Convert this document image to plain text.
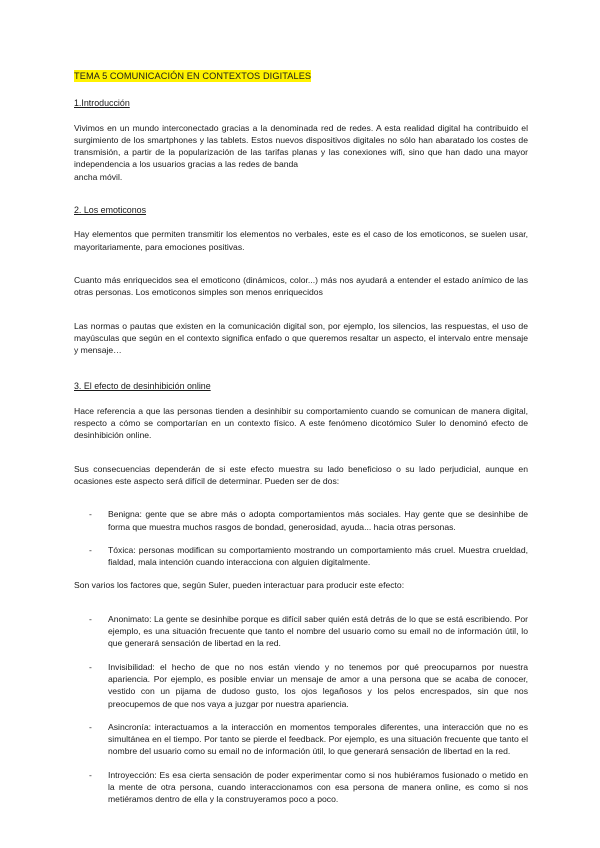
TEMA 5 COMUNICACIÓN EN CONTEXTOS DIGITALES
1.Introducción

Vivimos en un mundo interconectado gracias a la denominada red de redes. A esta realidad digital ha contribuido el surgimiento de los smartphones y las tablets. Estos nuevos dispositivos digitales no sólo han abaratado los costes de transmisión, a partir de la popularización de las tarifas planas y las conexiones wifi, sino que han dado una mayor independencia a los usuarios gracias a las redes de banda
ancha móvil.

2. Los emoticonos

Hay elementos que permiten transmitir los elementos no verbales, este es el caso de los emoticonos, se suelen usar, mayoritariamente, para emociones positivas.

Cuanto más enriquecidos sea el emoticono (dinámicos, color...) más nos ayudará a entender el estado anímico de las otras personas. Los emoticonos simples son menos enriquecidos

Las normas o pautas que existen en la comunicación digital son, por ejemplo, los silencios, las respuestas, el uso de mayúsculas que según en el contexto significa enfado o que queremos resaltar un aspecto, el intervalo entre mensaje y mensaje…

3. El efecto de desinhibición online

Hace referencia a que las personas tienden a desinhibir su comportamiento cuando se comunican de manera digital, respecto a cómo se comportarían en un contexto físico. A este fenómeno dicotómico Suler lo denominó efecto de desinhibición online.

Sus consecuencias dependerán de si este efecto muestra su lado beneficioso o su lado perjudicial, aunque en ocasiones este aspecto será difícil de determinar. Pueden ser de dos:

- Benigna: gente que se abre más o adopta comportamientos más sociales. Hay gente que se desinhibe de forma que muestra muchos rasgos de bondad, generosidad, ayuda... hacia otras personas.
- Tóxica: personas modifican su comportamiento mostrando un comportamiento más cruel. Muestra crueldad, fialdad, mala intención cuando interacciona con alguien digitalmente.

Son varios los factores que, según Suler, pueden interactuar para producir este efecto:

- Anonimato: La gente se desinhibe porque es difícil saber quién está detrás de lo que se está escribiendo. Por ejemplo, es una situación frecuente que tanto el nombre del usuario como su email no de información útil, lo que generará sensación de libertad en la red.
- Invisibilidad: el hecho de que no nos están viendo y no tenemos por qué preocuparnos por nuestra apariencia. Por ejemplo, es posible enviar un mensaje de amor a una persona que se acaba de conocer, vestido con un pijama de dudoso gusto, los ojos legañosos y los pelos encrespados, sin que nos preocupemos de que nos vaya a juzgar por nuestra apariencia.
- Asincronía: interactuamos a la interacción en momentos temporales diferentes, una interacción que no es simultánea en el tiempo. Por tanto se pierde el feedback. Por ejemplo, es una situación frecuente que tanto el nombre del usuario como su email no de información útil, lo que generará sensación de libertad en la red.
- Introyección: Es esa cierta sensación de poder experimentar como si nos hubiéramos fusionado o metido en la mente de otra persona, cuando interaccionamos con esa persona de manera online, es como si nos metiéramos dentro de ella y la construyeramos poco a poco.
